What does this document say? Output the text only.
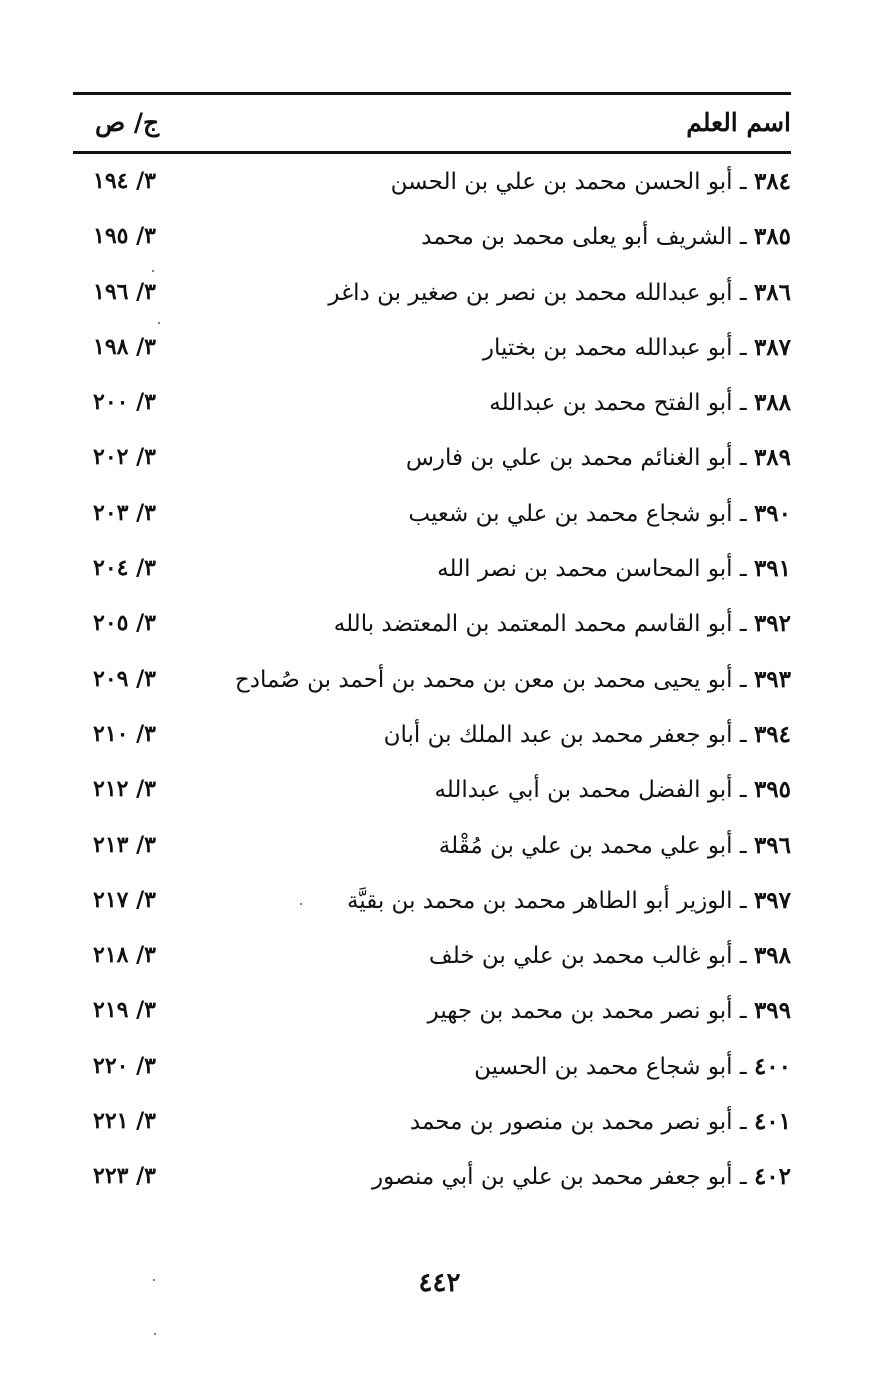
اسم العلم
ج/ ص
٣٨٤ ـ أبو الحسن محمد بن علي بن الحسن
٣/ ١٩٤
٣٨٥ ـ الشريف أبو يعلى محمد بن محمد
٣/ ١٩٥
٣٨٦ ـ أبو عبدالله محمد بن نصر بن صغير بن داغر
٣/ ١٩٦
٣٨٧ ـ أبو عبدالله محمد بن بختيار
٣/ ١٩٨
٣٨٨ ـ أبو الفتح محمد بن عبدالله
٣/ ٢٠٠
٣٨٩ ـ أبو الغنائم محمد بن علي بن فارس
٣/ ٢٠٢
٣٩٠ ـ أبو شجاع محمد بن علي بن شعيب
٣/ ٢٠٣
٣٩١ ـ أبو المحاسن محمد بن نصر الله
٣/ ٢٠٤
٣٩٢ ـ أبو القاسم محمد المعتمد بن المعتضد بالله
٣/ ٢٠٥
٣٩٣ ـ أبو يحيى محمد بن معن بن محمد بن أحمد بن صُمادح
٣/ ٢٠٩
٣٩٤ ـ أبو جعفر محمد بن عبد الملك بن أبان
٣/ ٢١٠
٣٩٥ ـ أبو الفضل محمد بن أبي عبدالله
٣/ ٢١٢
٣٩٦ ـ أبو علي محمد بن علي بن مُقْلة
٣/ ٢١٣
٣٩٧ ـ الوزير أبو الطاهر محمد بن محمد بن بقيَّة
٣/ ٢١٧
٣٩٨ ـ أبو غالب محمد بن علي بن خلف
٣/ ٢١٨
٣٩٩ ـ أبو نصر محمد بن محمد بن جهير
٣/ ٢١٩
٤٠٠ ـ أبو شجاع محمد بن الحسين
٣/ ٢٢٠
٤٠١ ـ أبو نصر محمد بن منصور بن محمد
٣/ ٢٢١
٤٠٢ ـ أبو جعفر محمد بن علي بن أبي منصور
٣/ ٢٢٣
٤٤٢
